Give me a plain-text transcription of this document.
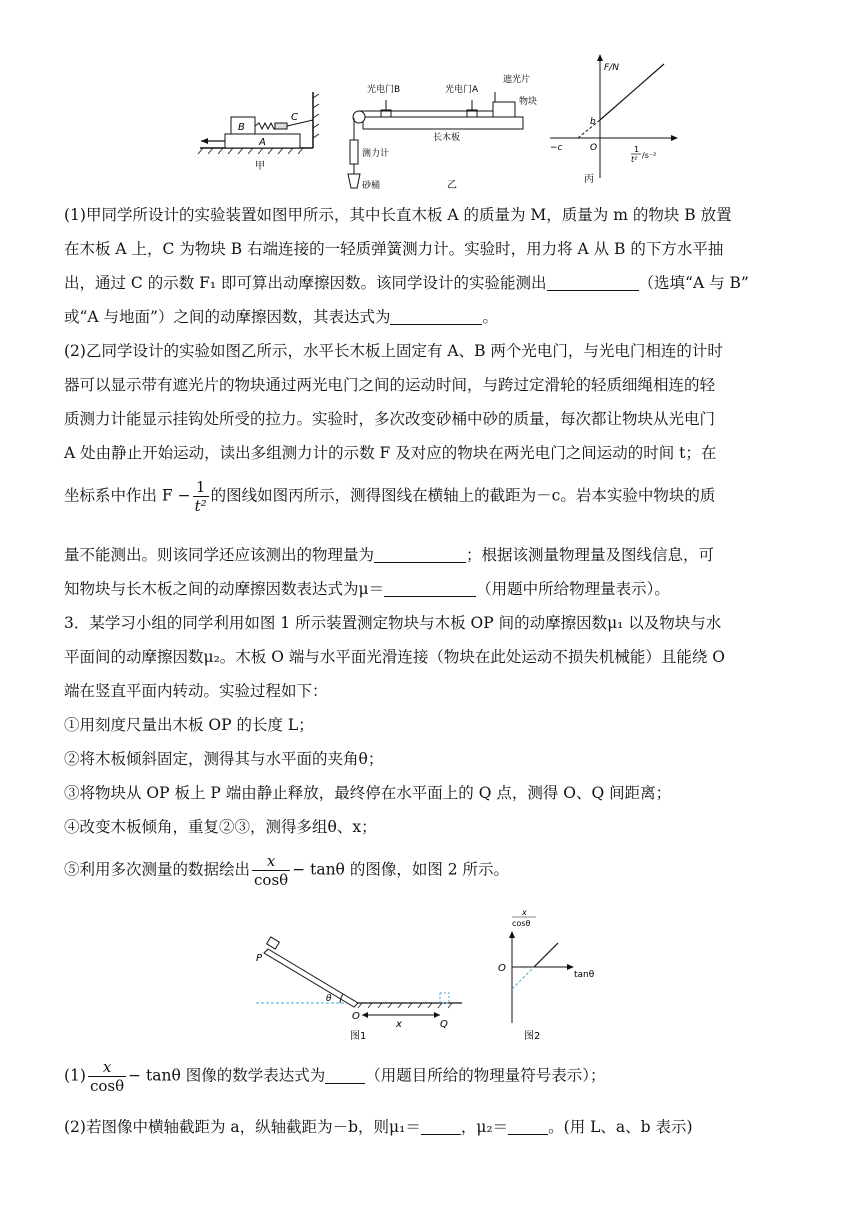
B
C
A
甲
光电门B	光电门A
遮光片
物块
长木板
测力计
砂桶	乙
F/N
b
−c	O	1
t² /s⁻²
丙

(1)甲同学所设计的实验装置如图甲所示，其中长直木板 A 的质量为 M，质量为 m 的物块 B 放置

在木板 A 上，C 为物块 B 右端连接的一轻质弹簧测力计。实验时，用力将 A 从 B 的下方水平抽

出，通过 C 的示数 F₁ 即可算出动摩擦因数。该同学设计的实验能测出	（选填“A 与 B”

或“A 与地面”）之间的动摩擦因数，其表达式为	。

(2)乙同学设计的实验如图乙所示，水平长木板上固定有 A、B 两个光电门，与光电门相连的计时

器可以显示带有遮光片的物块通过两光电门之间的运动时间，与跨过定滑轮的轻质细绳相连的轻

质测力计能显示挂钩处所受的拉力。实验时，多次改变砂桶中砂的质量，每次都让物块从光电门

A 处由静止开始运动，读出多组测力计的示数 F 及对应的物块在两光电门之间运动的时间 t；在

坐标系中作出 $F - \frac{1}{\text{t²}}$ 的图线如图丙所示，测得图线在横轴上的截距为－c。岩本实验中物块的质

量不能测出。则该同学还应该测出的物理量为	；根据该测量物理量及图线信息，可

知物块与长木板之间的动摩擦因数表达式为μ＝	（用题中所给物理量表示）。

3．某学习小组的同学利用如图 1 所示装置测定物块与木板 OP 间的动摩擦因数μ₁ 以及物块与水

平面间的动摩擦因数μ₂。木板 O 端与水平面光滑连接（物块在此处运动不损失机械能）且能绕 O

端在竖直平面内转动。实验过程如下：

①用刻度尺量出木板 OP 的长度 L；

②将木板倾斜固定，测得其与水平面的夹角θ；

③将物块从 OP 板上 P 端由静止释放，最终停在水平面上的 Q 点，测得 O、Q 间距离；

④改变木板倾角，重复②③，测得多组θ、x；

⑤利用多次测量的数据绘出 $\frac{x}{\cos\theta} - \tan\theta$ 的图像，如图 2 所示。

P
θ
O
x	Q
图1
x
cosθ
O
tanθ
图2

$(1) \frac{x}{\cos\theta} - \tan\theta$ 图像的数学表达式为	（用题目所给的物理量符号表示）；

(2)若图像中横轴截距为 a，纵轴截距为－b，则μ₁＝	，μ₂＝	。(用 L、a、b 表示)
